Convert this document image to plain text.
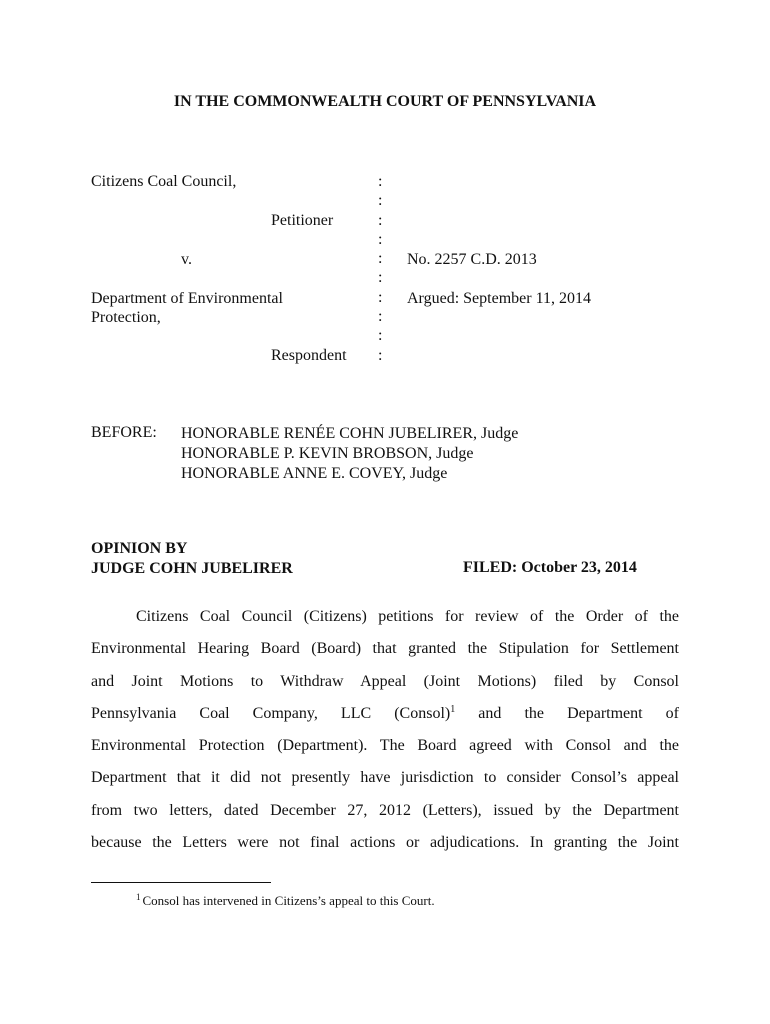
IN THE COMMONWEALTH COURT OF PENNSYLVANIA
Citizens Coal Council,
Petitioner
v.
Department of Environmental
Protection,
Respondent
:
:
:
:
:
:
:
:
:
:
No. 2257 C.D. 2013
Argued: September 11, 2014
BEFORE: HONORABLE RENÉE COHN JUBELIRER, Judge
HONORABLE P. KEVIN BROBSON, Judge
HONORABLE ANNE E. COVEY, Judge
OPINION BY
JUDGE COHN JUBELIRER	FILED: October 23, 2014
Citizens Coal Council (Citizens) petitions for review of the Order of the
Environmental Hearing Board (Board) that granted the Stipulation for Settlement
and Joint Motions to Withdraw Appeal (Joint Motions) filed by Consol
Pennsylvania Coal Company, LLC (Consol)$^1$ and the Department of
Environmental Protection (Department). The Board agreed with Consol and the
Department that it did not presently have jurisdiction to consider Consol’s appeal
from two letters, dated December 27, 2012 (Letters), issued by the Department
because the Letters were not final actions or adjudications. In granting the Joint
$^1$ Consol has intervened in Citizens’s appeal to this Court.
